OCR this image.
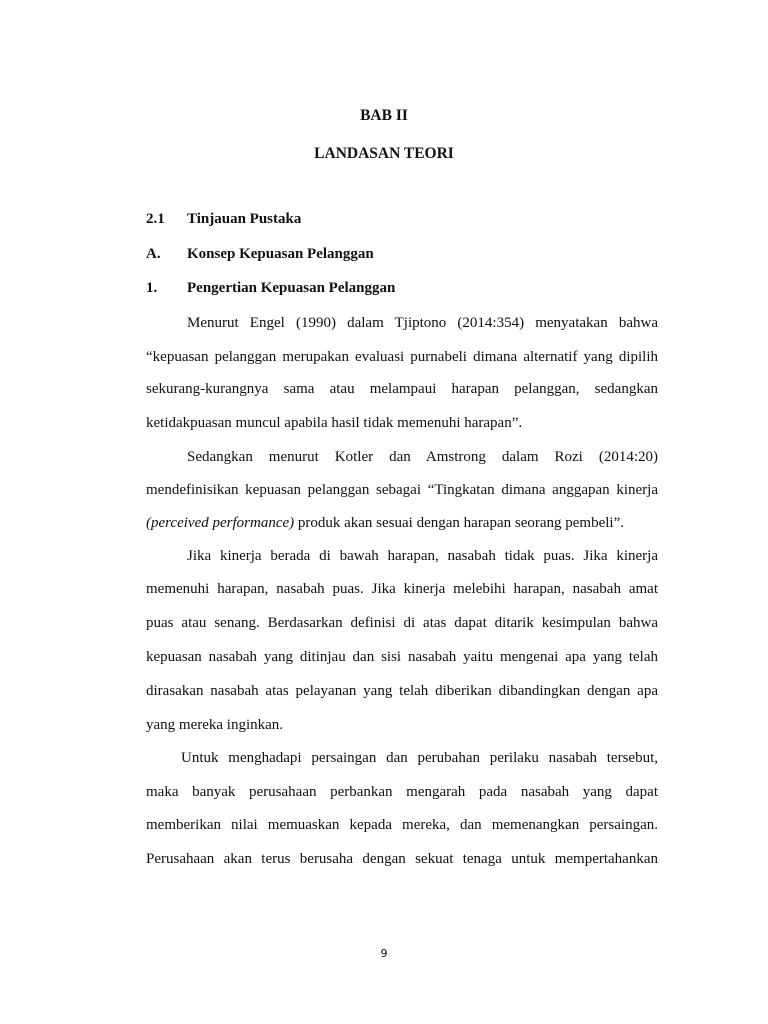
BAB II
LANDASAN TEORI
2.1 Tinjauan Pustaka
A. Konsep Kepuasan Pelanggan
1. Pengertian Kepuasan Pelanggan
Menurut Engel (1990) dalam Tjiptono (2014:354) menyatakan bahwa
“kepuasan pelanggan merupakan evaluasi purnabeli dimana alternatif yang dipilih
sekurang-kurangnya sama atau melampaui harapan pelanggan, sedangkan
ketidakpuasan muncul apabila hasil tidak memenuhi harapan”.
Sedangkan menurut Kotler dan Amstrong dalam Rozi (2014:20)
mendefinisikan kepuasan pelanggan sebagai “Tingkatan dimana anggapan kinerja
(perceived performance) produk akan sesuai dengan harapan seorang pembeli”.
Jika kinerja berada di bawah harapan, nasabah tidak puas. Jika kinerja
memenuhi harapan, nasabah puas. Jika kinerja melebihi harapan, nasabah amat
puas atau senang. Berdasarkan definisi di atas dapat ditarik kesimpulan bahwa
kepuasan nasabah yang ditinjau dan sisi nasabah yaitu mengenai apa yang telah
dirasakan nasabah atas pelayanan yang telah diberikan dibandingkan dengan apa
yang mereka inginkan.
Untuk menghadapi persaingan dan perubahan perilaku nasabah tersebut,
maka banyak perusahaan perbankan mengarah pada nasabah yang dapat
memberikan nilai memuaskan kepada mereka, dan memenangkan persaingan.
Perusahaan akan terus berusaha dengan sekuat tenaga untuk mempertahankan
9
